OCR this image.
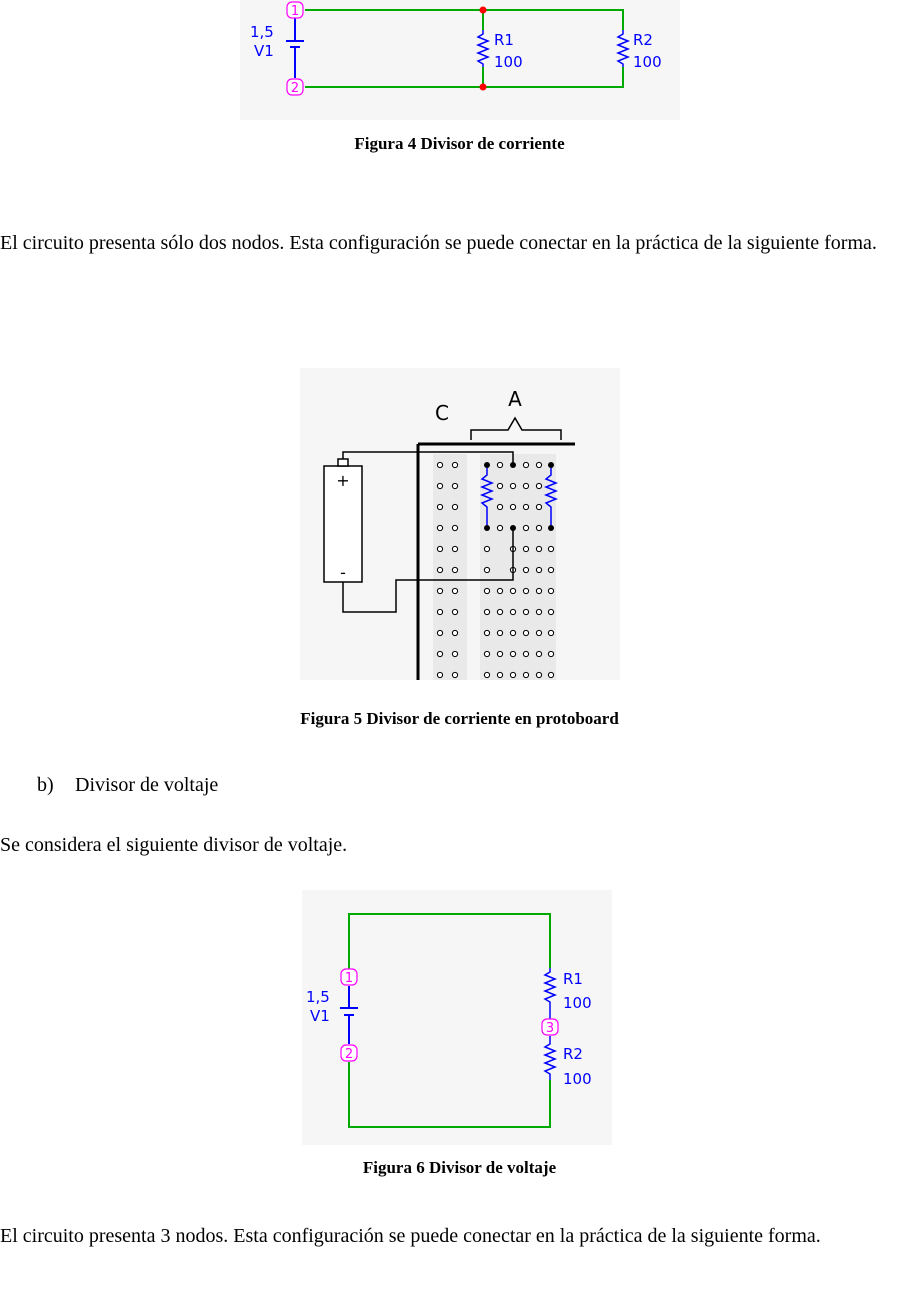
1
2
1,5
V1
R1
100
R2
100
Figura 4 Divisor de corriente
El circuito presenta sólo dos nodos. Esta configuración se puede conectar en la práctica de la siguiente forma.
C
A
+
-
Figura 5 Divisor de corriente en protoboard
b) Divisor de voltaje
Se considera el siguiente divisor de voltaje.
1
2
3
1,5
V1
R1
100
R2
100
Figura 6 Divisor de voltaje
El circuito presenta 3 nodos. Esta configuración se puede conectar en la práctica de la siguiente forma.
